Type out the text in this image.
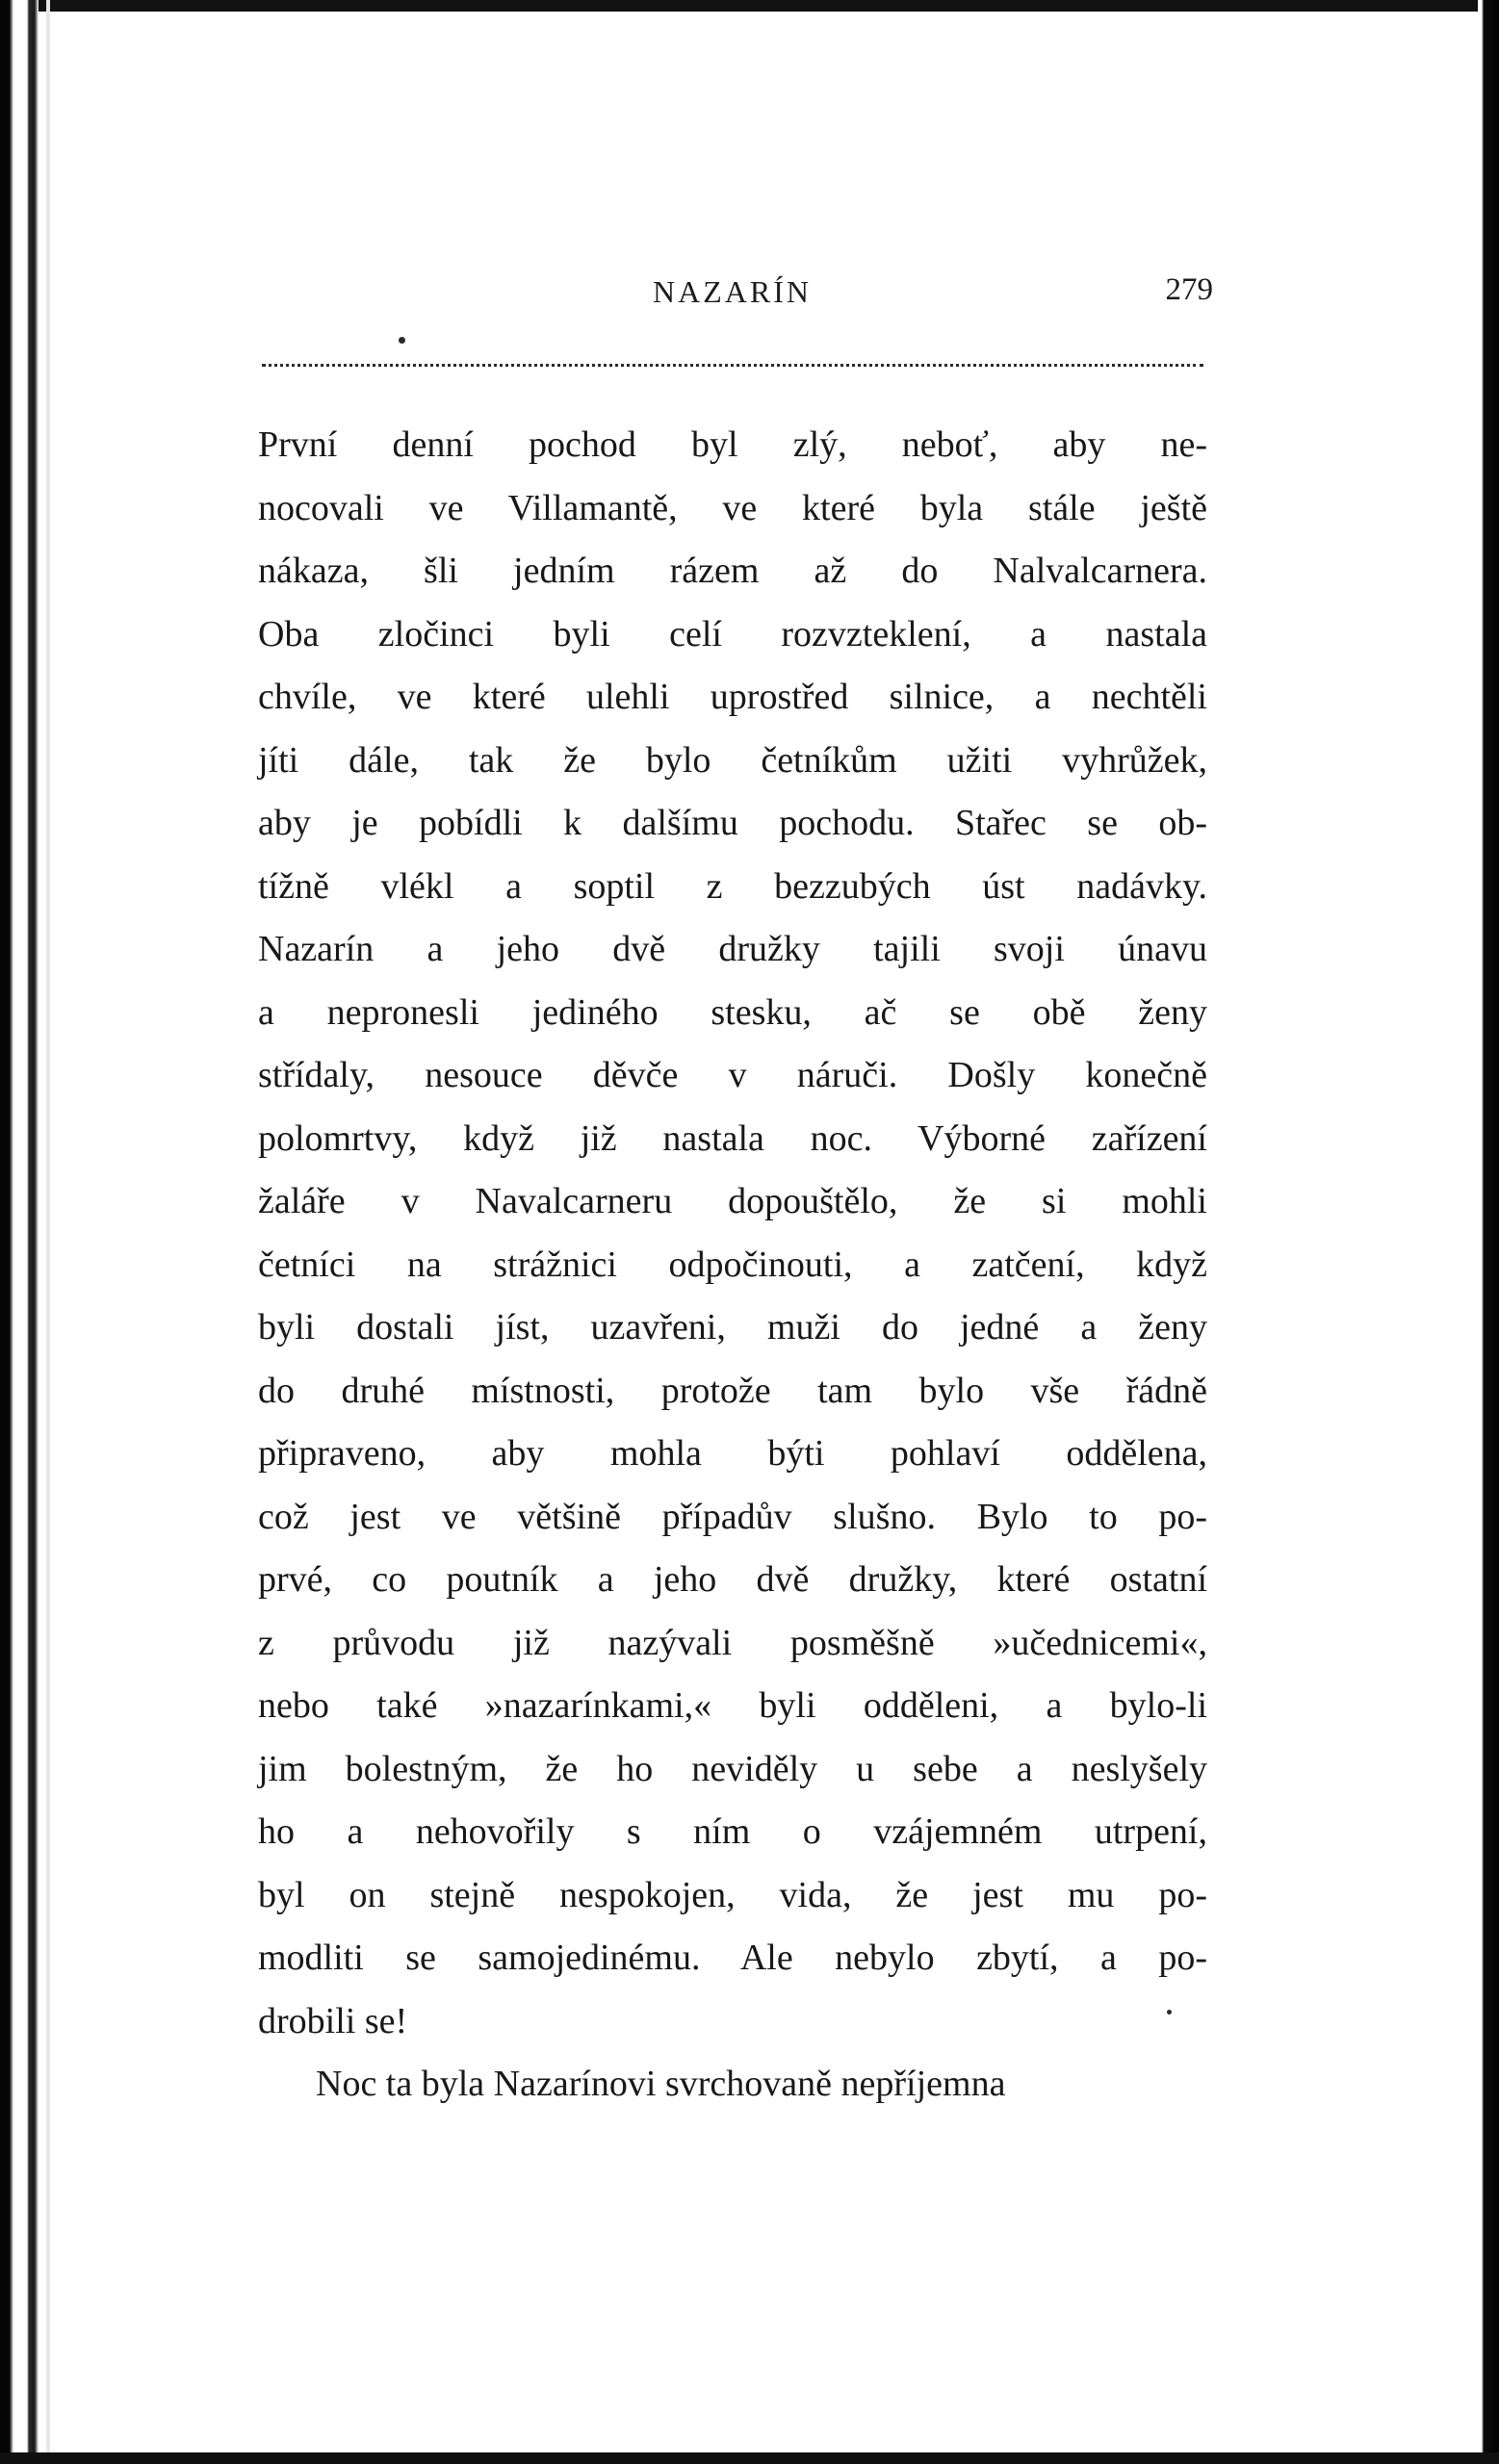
NAZARÍN	279
První denní pochod byl zlý, neboť, aby ne-
nocovali ve Villamantě, ve které byla stále ještě
nákaza, šli jedním rázem až do Nalvalcarnera.
Oba zločinci byli celí rozvzteklení, a nastala
chvíle, ve které ulehli uprostřed silnice, a nechtěli
jíti dále, tak že bylo četníkům užiti vyhrůžek,
aby je pobídli k dalšímu pochodu. Stařec se ob-
tížně vlékl a soptil z bezzubých úst nadávky.
Nazarín a jeho dvě družky tajili svoji únavu
a nepronesli jediného stesku, ač se obě ženy
střídaly, nesouce děvče v náruči. Došly konečně
polomrtvy, když již nastala noc. Výborné zařízení
žaláře v Navalcarneru dopouštělo, že si mohli
četníci na strážnici odpočinouti, a zatčení, když
byli dostali jíst, uzavřeni, muži do jedné a ženy
do druhé místnosti, protože tam bylo vše řádně
připraveno, aby mohla býti pohlaví oddělena,
což jest ve většině případův slušno. Bylo to po-
prvé, co poutník a jeho dvě družky, které ostatní
z průvodu již nazývali posměšně »učednicemi«,
nebo také »nazarínkami,« byli odděleni, a bylo-li
jim bolestným, že ho neviděly u sebe a neslyšely
ho a nehovořily s ním o vzájemném utrpení,
byl on stejně nespokojen, vida, že jest mu po-
modliti se samojedinému. Ale nebylo zbytí, a po-
drobili se!
Noc ta byla Nazarínovi svrchovaně nepříjemna
